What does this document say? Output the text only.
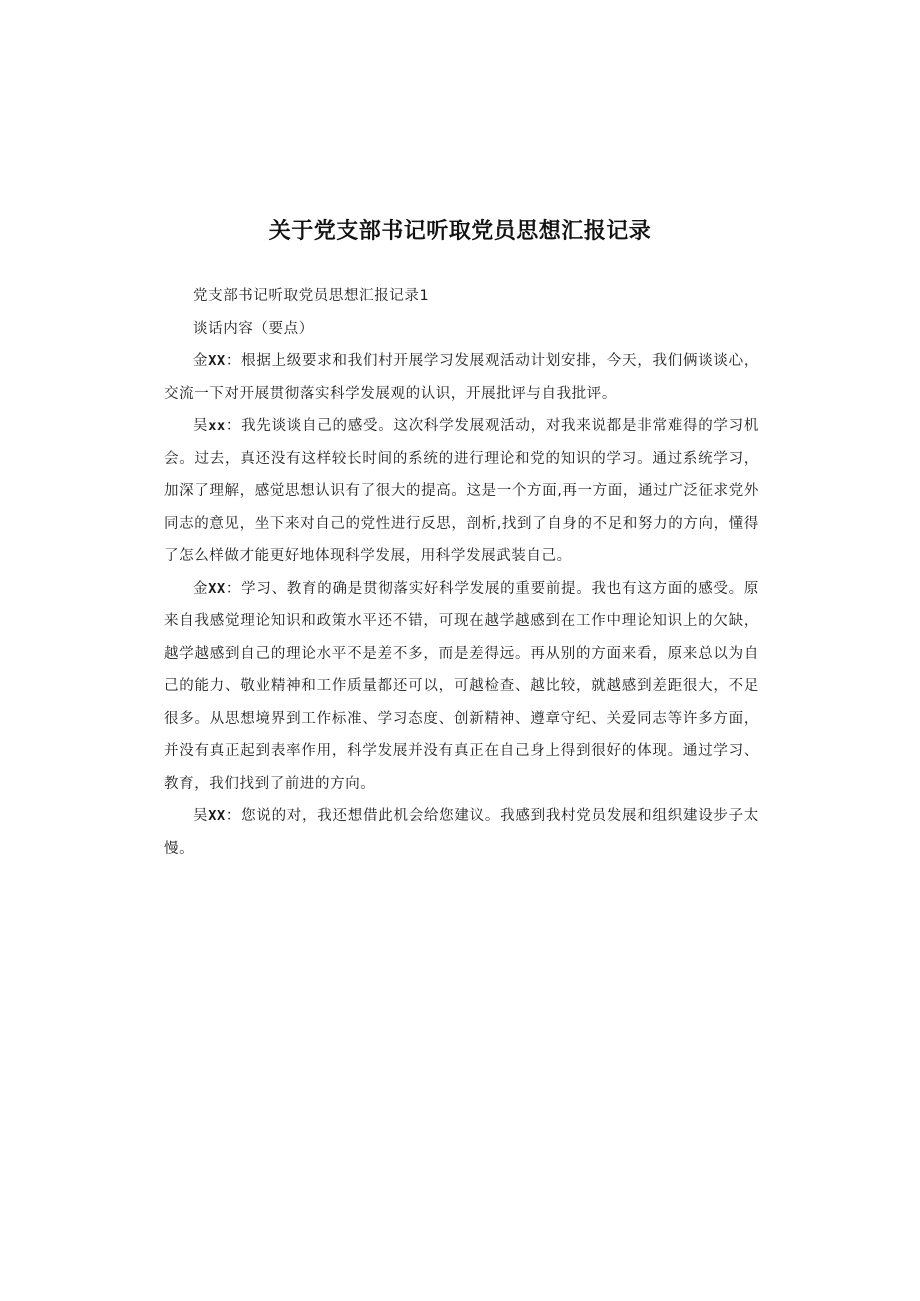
关于党支部书记听取党员思想汇报记录

党支部书记听取党员思想汇报记录1

谈话内容（要点）

金XX：根据上级要求和我们村开展学习发展观活动计划安排，今天，我们俩谈谈心，交流一下对开展贯彻落实科学发展观的认识，开展批评与自我批评。

吴xx：我先谈谈自己的感受。这次科学发展观活动，对我来说都是非常难得的学习机会。过去，真还没有这样较长时间的系统的进行理论和党的知识的学习。通过系统学习，加深了理解，感觉思想认识有了很大的提高。这是一个方面,再一方面，通过广泛征求党外同志的意见，坐下来对自己的党性进行反思，剖析,找到了自身的不足和努力的方向，懂得了怎么样做才能更好地体现科学发展，用科学发展武装自己。

金XX：学习、教育的确是贯彻落实好科学发展的重要前提。我也有这方面的感受。原来自我感觉理论知识和政策水平还不错，可现在越学越感到在工作中理论知识上的欠缺，越学越感到自己的理论水平不是差不多，而是差得远。再从别的方面来看，原来总以为自己的能力、敬业精神和工作质量都还可以，可越检查、越比较，就越感到差距很大，不足很多。从思想境界到工作标准、学习态度、创新精神、遵章守纪、关爱同志等许多方面，并没有真正起到表率作用，科学发展并没有真正在自己身上得到很好的体现。通过学习、教育，我们找到了前进的方向。

吴XX：您说的对，我还想借此机会给您建议。我感到我村党员发展和组织建设步子太慢。
